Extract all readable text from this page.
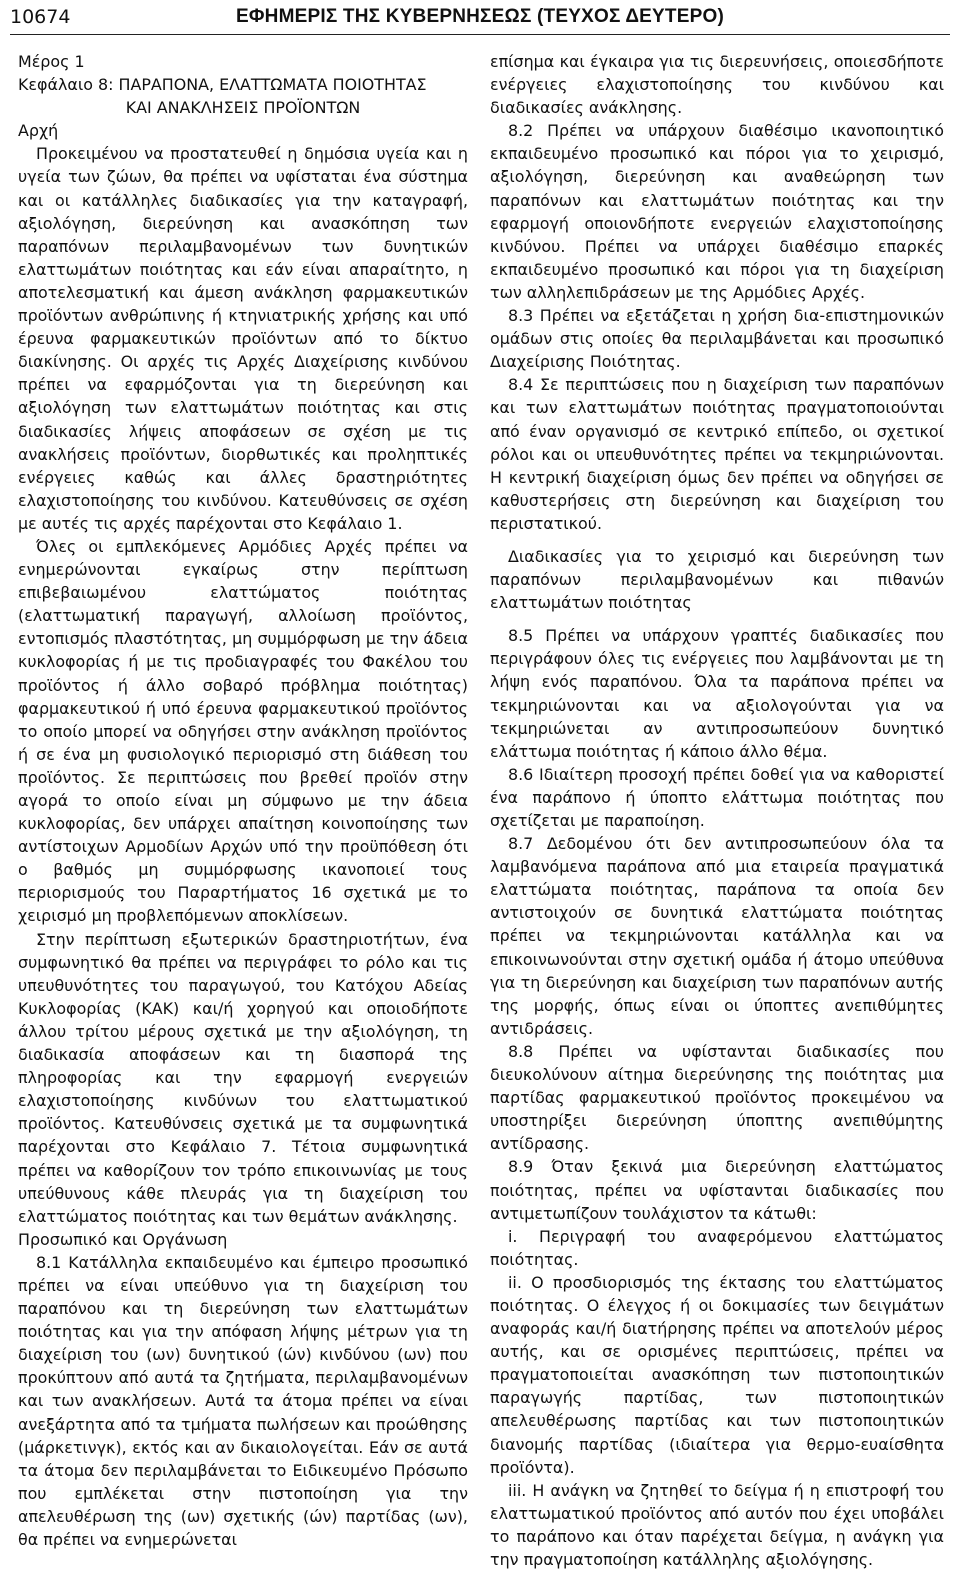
10674	ΕΦΗΜΕΡΙΣ ΤΗΣ ΚΥΒΕΡΝΗΣΕΩΣ (ΤΕΥΧΟΣ ΔΕΥΤΕΡΟ)

Μέρος 1

Κεφάλαιο 8: ΠΑΡΑΠΟΝΑ, ΕΛΑΤΤΩΜΑΤΑ ΠΟΙΟΤΗΤΑΣ

ΚΑΙ ΑΝΑΚΛΗΣΕΙΣ ΠΡΟΪΟΝΤΩΝ

Αρχή

Προκειμένου να προστατευθεί η δημόσια υγεία και η υγεία των ζώων, θα πρέπει να υφίσταται ένα σύστημα και οι κατάλληλες διαδικασίες για την καταγραφή, αξιολόγηση, διερεύνηση και ανασκόπηση των παραπόνων περιλαμβανομένων των δυνητικών ελαττωμάτων ποιότητας και εάν είναι απαραίτητο, η αποτελεσματική και άμεση ανάκληση φαρμακευτικών προϊόντων ανθρώπινης ή κτηνιατρικής χρήσης και υπό έρευνα φαρμακευτικών προϊόντων από το δίκτυο διακίνησης. Οι αρχές τις Αρχές Διαχείρισης κινδύνου πρέπει να εφαρμόζονται για τη διερεύνηση και αξιολόγηση των ελαττωμάτων ποιότητας και στις διαδικασίες λήψεις αποφάσεων σε σχέση με τις ανακλήσεις προϊόντων, διορθωτικές και προληπτικές ενέργειες καθώς και άλλες δραστηριότητες ελαχιστοποίησης του κινδύνου. Κατευθύνσεις σε σχέση με αυτές τις αρχές παρέχονται στο Κεφάλαιο 1.

Όλες οι εμπλεκόμενες Αρμόδιες Αρχές πρέπει να ενημερώνονται εγκαίρως στην περίπτωση επιβεβαιωμένου ελαττώματος ποιότητας (ελαττωματική παραγωγή, αλλοίωση προϊόντος, εντοπισμός πλαστότητας, μη συμμόρφωση με την άδεια κυκλοφορίας ή με τις προδιαγραφές του Φακέλου του προϊόντος ή άλλο σοβαρό πρόβλημα ποιότητας) φαρμακευτικού ή υπό έρευνα φαρμακευτικού προϊόντος το οποίο μπορεί να οδηγήσει στην ανάκληση προϊόντος ή σε ένα μη φυσιολογικό περιορισμό στη διάθεση του προϊόντος. Σε περιπτώσεις που βρεθεί προϊόν στην αγορά το οποίο είναι μη σύμφωνο με την άδεια κυκλοφορίας, δεν υπάρχει απαίτηση κοινοποίησης των αντίστοιχων Αρμοδίων Αρχών υπό την προϋπόθεση ότι ο βαθμός μη συμμόρφωσης ικανοποιεί τους περιορισμούς του Παραρτήματος 16 σχετικά με το χειρισμό μη προβλεπόμενων αποκλίσεων.

Στην περίπτωση εξωτερικών δραστηριοτήτων, ένα συμφωνητικό θα πρέπει να περιγράφει το ρόλο και τις υπευθυνότητες του παραγωγού, του Κατόχου Αδείας Κυκλοφορίας (ΚΑΚ) και/ή χορηγού και οποιοδήποτε άλλου τρίτου μέρους σχετικά με την αξιολόγηση, τη διαδικασία αποφάσεων και τη διασπορά της πληροφορίας και την εφαρμογή ενεργειών ελαχιστοποίησης κινδύνων του ελαττωματικού προϊόντος. Κατευθύνσεις σχετικά με τα συμφωνητικά παρέχονται στο Κεφάλαιο 7. Τέτοια συμφωνητικά πρέπει να καθορίζουν τον τρόπο επικοινωνίας με τους υπεύθυνους κάθε πλευράς για τη διαχείριση του ελαττώματος ποιότητας και των θεμάτων ανάκλησης.

Προσωπικό και Οργάνωση

8.1 Κατάλληλα εκπαιδευμένο και έμπειρο προσωπικό πρέπει να είναι υπεύθυνο για τη διαχείριση του παραπόνου και τη διερεύνηση των ελαττωμάτων ποιότητας και για την απόφαση λήψης μέτρων για τη διαχείριση του (ων) δυνητικού (ών) κινδύνου (ων) που προκύπτουν από αυτά τα ζητήματα, περιλαμβανομένων και των ανακλήσεων. Αυτά τα άτομα πρέπει να είναι ανεξάρτητα από τα τμήματα πωλήσεων και προώθησης (μάρκετινγκ), εκτός και αν δικαιολογείται. Εάν σε αυτά τα άτομα δεν περιλαμβάνεται το Ειδικευμένο Πρόσωπο που εμπλέκεται στην πιστοποίηση για την απελευθέρωση της (ων) σχετικής (ών) παρτίδας (ων), θα πρέπει να ενημερώνεται

επίσημα και έγκαιρα για τις διερευνήσεις, οποιεσδήποτε ενέργειες ελαχιστοποίησης του κινδύνου και διαδικασίες ανάκλησης.

8.2 Πρέπει να υπάρχουν διαθέσιμο ικανοποιητικό εκπαιδευμένο προσωπικό και πόροι για το χειρισμό, αξιολόγηση, διερεύνηση και αναθεώρηση των παραπόνων και ελαττωμάτων ποιότητας και την εφαρμογή οποιονδήποτε ενεργειών ελαχιστοποίησης κινδύνου. Πρέπει να υπάρχει διαθέσιμο επαρκές εκπαιδευμένο προσωπικό και πόροι για τη διαχείριση των αλληλεπιδράσεων με της Αρμόδιες Αρχές.

8.3 Πρέπει να εξετάζεται η χρήση δια-επιστημονικών ομάδων στις οποίες θα περιλαμβάνεται και προσωπικό Διαχείρισης Ποιότητας.

8.4 Σε περιπτώσεις που η διαχείριση των παραπόνων και των ελαττωμάτων ποιότητας πραγματοποιούνται από έναν οργανισμό σε κεντρικό επίπεδο, οι σχετικοί ρόλοι και οι υπευθυνότητες πρέπει να τεκμηριώνονται. Η κεντρική διαχείριση όμως δεν πρέπει να οδηγήσει σε καθυστερήσεις στη διερεύνηση και διαχείριση του περιστατικού.

Διαδικασίες για το χειρισμό και διερεύνηση των παραπόνων περιλαμβανομένων και πιθανών ελαττωμάτων ποιότητας

8.5 Πρέπει να υπάρχουν γραπτές διαδικασίες που περιγράφουν όλες τις ενέργειες που λαμβάνονται με τη λήψη ενός παραπόνου. Όλα τα παράπονα πρέπει να τεκμηριώνονται και να αξιολογούνται για να τεκμηριώνεται αν αντιπροσωπεύουν δυνητικό ελάττωμα ποιότητας ή κάποιο άλλο θέμα.

8.6 Ιδιαίτερη προσοχή πρέπει δοθεί για να καθοριστεί ένα παράπονο ή ύποπτο ελάττωμα ποιότητας που σχετίζεται με παραποίηση.

8.7 Δεδομένου ότι δεν αντιπροσωπεύουν όλα τα λαμβανόμενα παράπονα από μια εταιρεία πραγματικά ελαττώματα ποιότητας, παράπονα τα οποία δεν αντιστοιχούν σε δυνητικά ελαττώματα ποιότητας πρέπει να τεκμηριώνονται κατάλληλα και να επικοινωνούνται στην σχετική ομάδα ή άτομο υπεύθυνα για τη διερεύνηση και διαχείριση των παραπόνων αυτής της μορφής, όπως είναι οι ύποπτες ανεπιθύμητες αντιδράσεις.

8.8 Πρέπει να υφίστανται διαδικασίες που διευκολύνουν αίτημα διερεύνησης της ποιότητας μια παρτίδας φαρμακευτικού προϊόντος προκειμένου να υποστηρίξει διερεύνηση ύποπτης ανεπιθύμητης αντίδρασης.

8.9 Όταν ξεκινά μια διερεύνηση ελαττώματος ποιότητας, πρέπει να υφίστανται διαδικασίες που αντιμετωπίζουν τουλάχιστον τα κάτωθι:

i. Περιγραφή του αναφερόμενου ελαττώματος ποιότητας.

ii. Ο προσδιορισμός της έκτασης του ελαττώματος ποιότητας. Ο έλεγχος ή οι δοκιμασίες των δειγμάτων αναφοράς και/ή διατήρησης πρέπει να αποτελούν μέρος αυτής, και σε ορισμένες περιπτώσεις, πρέπει να πραγματοποιείται ανασκόπηση των πιστοποιητικών παραγωγής παρτίδας, των πιστοποιητικών απελευθέρωσης παρτίδας και των πιστοποιητικών διανομής παρτίδας (ιδιαίτερα για θερμο-ευαίσθητα προϊόντα).

iii. Η ανάγκη να ζητηθεί το δείγμα ή η επιστροφή του ελαττωματικού προϊόντος από αυτόν που έχει υποβάλει το παράπονο και όταν παρέχεται δείγμα, η ανάγκη για την πραγματοποίηση κατάλληλης αξιολόγησης.
